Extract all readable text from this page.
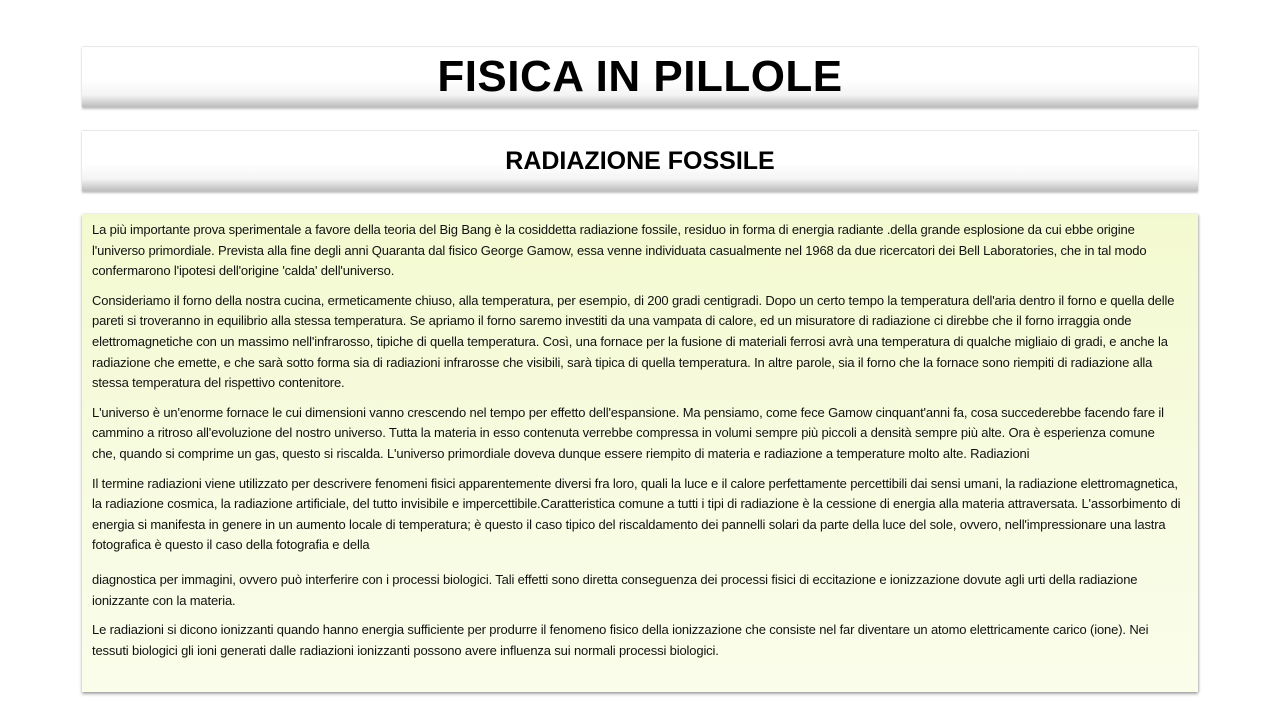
FISICA IN PILLOLE
RADIAZIONE FOSSILE

La più importante prova sperimentale a favore della teoria del Big Bang è la cosiddetta radiazione fossile, residuo in forma di energia radiante .della grande esplosione da cui ebbe origine l'universo primordiale. Prevista alla fine degli anni Quaranta dal fisico George Gamow, essa venne individuata casualmente nel 1968 da due ricercatori dei Bell Laboratories, che in tal modo confermarono l'ipotesi dell'origine 'calda' dell'universo.

Consideriamo il forno della nostra cucina, ermeticamente chiuso, alla temperatura, per esempio, di 200 gradi centigradi. Dopo un certo tempo la temperatura dell'aria dentro il forno e quella delle pareti si troveranno in equilibrio alla stessa temperatura. Se apriamo il forno saremo investiti da una vampata di calore, ed un misuratore di radiazione ci direbbe che il forno irraggia onde elettromagnetiche con un massimo nell'infrarosso, tipiche di quella temperatura. Così, una fornace per la fusione di materiali ferrosi avrà una temperatura di qualche migliaio di gradi, e anche la radiazione che emette, e che sarà sotto forma sia di radiazioni infrarosse che visibili, sarà tipica di quella temperatura. In altre parole, sia il forno che la fornace sono riempiti di radiazione alla stessa temperatura del rispettivo contenitore.

L'universo è un'enorme fornace le cui dimensioni vanno crescendo nel tempo per effetto dell'espansione. Ma pensiamo, come fece Gamow cinquant'anni fa, cosa succederebbe facendo fare il cammino a ritroso all'evoluzione del nostro universo. Tutta la materia in esso contenuta verrebbe compressa in volumi sempre più piccoli a densità sempre più alte. Ora è esperienza comune che, quando si comprime un gas, questo si riscalda. L'universo primordiale doveva dunque essere riempito di materia e radiazione a temperature molto alte. Radiazioni

Il termine radiazioni viene utilizzato per descrivere fenomeni fisici apparentemente diversi fra loro, quali la luce e il calore perfettamente percettibili dai sensi umani, la radiazione elettromagnetica, la radiazione cosmica, la radiazione artificiale, del tutto invisibile e impercettibile.Caratteristica comune a tutti i tipi di radiazione è la cessione di energia alla materia attraversata. L'assorbimento di energia si manifesta in genere in un aumento locale di temperatura; è questo il caso tipico del riscaldamento dei pannelli solari da parte della luce del sole, ovvero, nell'impressionare una lastra fotografica è questo il caso della fotografia e della

diagnostica per immagini, ovvero può interferire con i processi biologici. Tali effetti sono diretta conseguenza dei processi fisici di eccitazione e ionizzazione dovute agli urti della radiazione ionizzante con la materia.

Le radiazioni si dicono ionizzanti quando hanno energia sufficiente per produrre il fenomeno fisico della ionizzazione che consiste nel far diventare un atomo elettricamente carico (ione). Nei tessuti biologici gli ioni generati dalle radiazioni ionizzanti possono avere influenza sui normali processi biologici.
